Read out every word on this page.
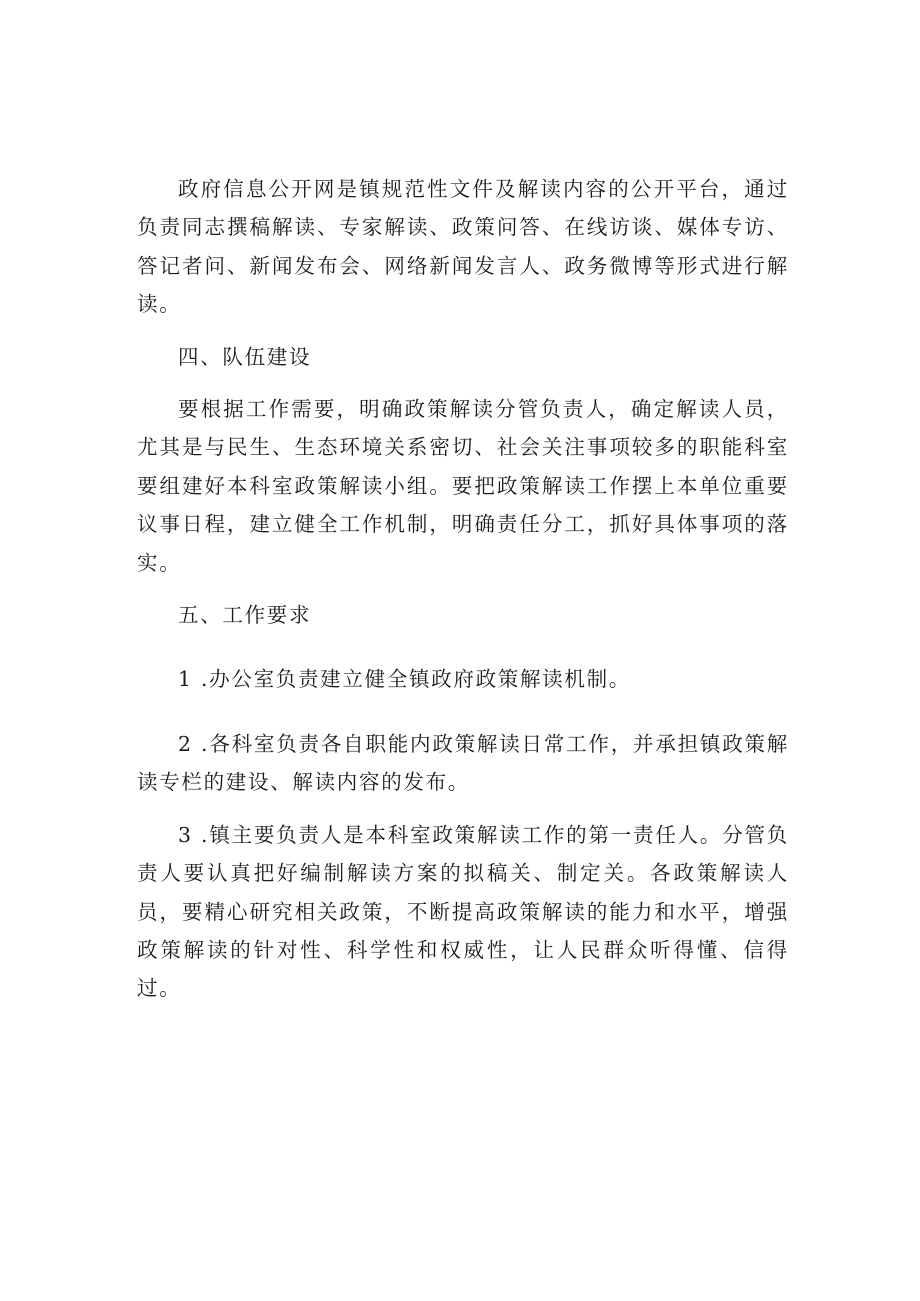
政府信息公开网是镇规范性文件及解读内容的公开平台，通过负责同志撰稿解读、专家解读、政策问答、在线访谈、媒体专访、答记者问、新闻发布会、网络新闻发言人、政务微博等形式进行解读。

四、队伍建设

要根据工作需要，明确政策解读分管负责人，确定解读人员，尤其是与民生、生态环境关系密切、社会关注事项较多的职能科室要组建好本科室政策解读小组。要把政策解读工作摆上本单位重要议事日程，建立健全工作机制，明确责任分工，抓好具体事项的落实。

五、工作要求

1 .办公室负责建立健全镇政府政策解读机制。

2 .各科室负责各自职能内政策解读日常工作，并承担镇政策解读专栏的建设、解读内容的发布。

3 .镇主要负责人是本科室政策解读工作的第一责任人。分管负责人要认真把好编制解读方案的拟稿关、制定关。各政策解读人员，要精心研究相关政策，不断提高政策解读的能力和水平，增强政策解读的针对性、科学性和权威性，让人民群众听得懂、信得过。
